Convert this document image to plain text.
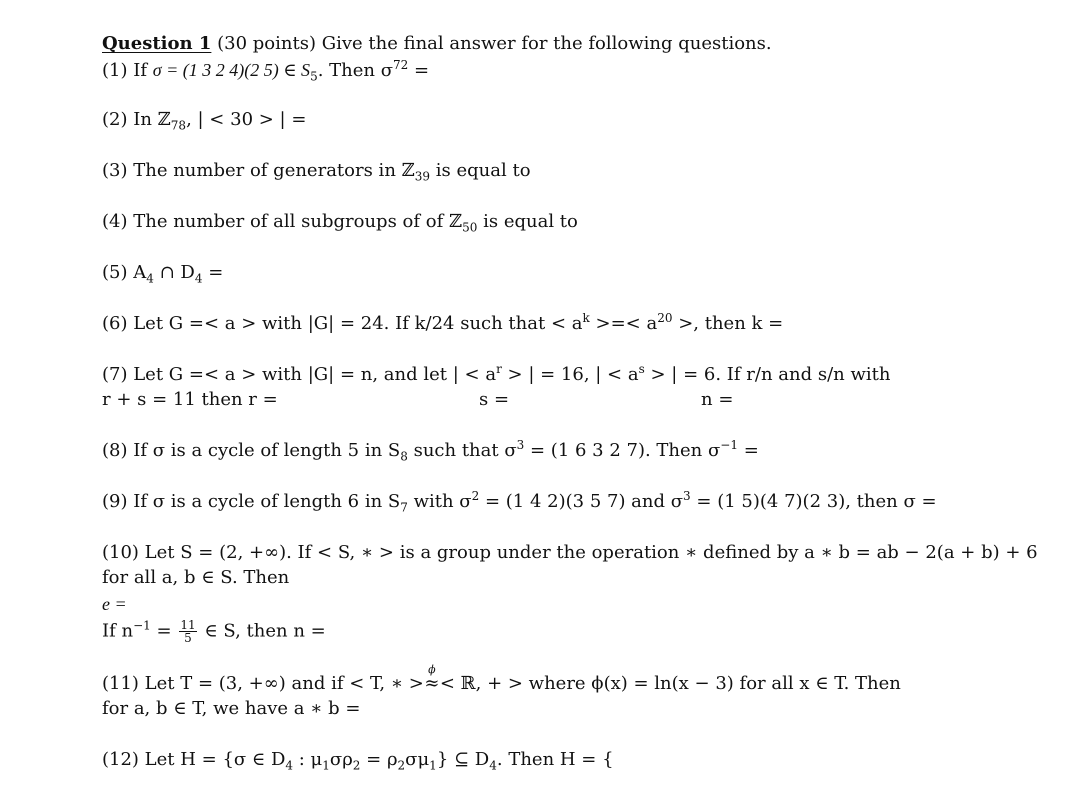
Question 1 (30 points) Give the final answer for the following questions.
(1) If σ = (1 3 2 4)(2 5) ∈ $S_5$. Then $\sigma^{72}$ =
(2) In ℤ$_{78}$, | < 30 > | =
(3) The number of generators in ℤ$_{39}$ is equal to
(4) The number of all subgroups of of ℤ$_{50}$ is equal to
(5) $A_4$ ∩ $D_4$ =
(6) Let G =< a > with |G| = 24. If k/24 such that < $a^k$ >=< $a^{20}$ >, then k =
(7) Let G =< a > with |G| = n, and let | < $a^r$ > | = 16, | < $a^s$ > | = 6. If r/n and s/n with
r + s = 11 then r =	s =	n =
(8) If σ is a cycle of length 5 in $S_8$ such that $\sigma^3 = (1$ 6 3 2 7). Then $\sigma^{-1}$ =
(9) If σ is a cycle of length 6 in $S_7$ with $\sigma^2 = (1$ 4 2)(3 5 7) and $\sigma^3 = (1$ 5)(4 7)(2 3), then σ =
(10) Let S = (2, +∞). If < S, ∗ > is a group under the operation ∗ defined by a ∗ b = ab − 2(a + b) + 6
for all a, b ∈ S. Then
e =
If $n^{-1} = \frac{11}{5}$ ∈ S, then n =
(11) Let T = (3, +∞) and if < T, ∗ >
ϕ
≈< ℝ, + > where ϕ(x) = ln(x − 3) for all x ∈ T. Then
for a, b ∈ T, we have a ∗ b =
(12) Let H = {σ ∈ $D_4$ : $\mu_1\sigma\rho_2 = \rho_2\sigma\mu_1$} ⊆ $D_4$. Then H = {
